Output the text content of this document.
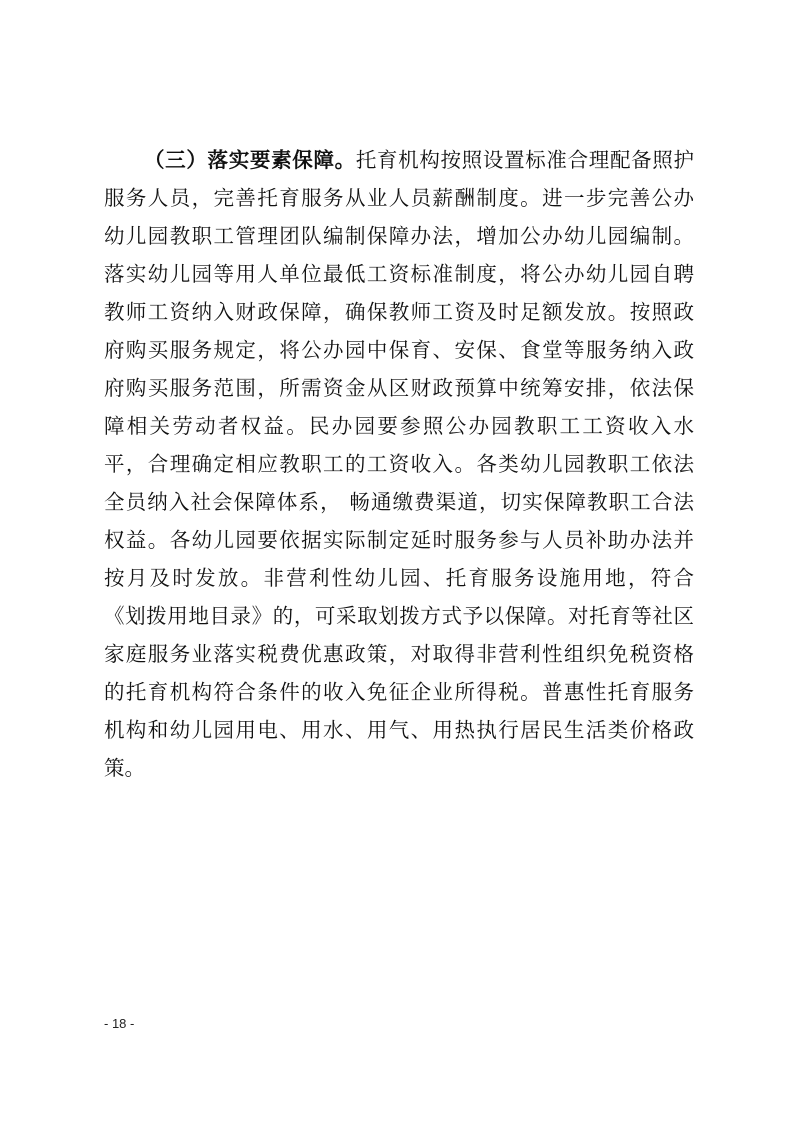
（三）落实要素保障。托育机构按照设置标准合理配备照护
服务人员，完善托育服务从业人员薪酬制度。进一步完善公办
幼儿园教职工管理团队编制保障办法，增加公办幼儿园编制。
落实幼儿园等用人单位最低工资标准制度，将公办幼儿园自聘
教师工资纳入财政保障，确保教师工资及时足额发放。按照政
府购买服务规定，将公办园中保育、安保、食堂等服务纳入政
府购买服务范围，所需资金从区财政预算中统筹安排，依法保
障相关劳动者权益。民办园要参照公办园教职工工资收入水
平，合理确定相应教职工的工资收入。各类幼儿园教职工依法
全员纳入社会保障体系， 畅通缴费渠道，切实保障教职工合法
权益。各幼儿园要依据实际制定延时服务参与人员补助办法并
按月及时发放。非营利性幼儿园、托育服务设施用地，符合
《划拨用地目录》的，可采取划拨方式予以保障。对托育等社区
家庭服务业落实税费优惠政策，对取得非营利性组织免税资格
的托育机构符合条件的收入免征企业所得税。普惠性托育服务
机构和幼儿园用电、用水、用气、用热执行居民生活类价格政
策。
- 18 -
